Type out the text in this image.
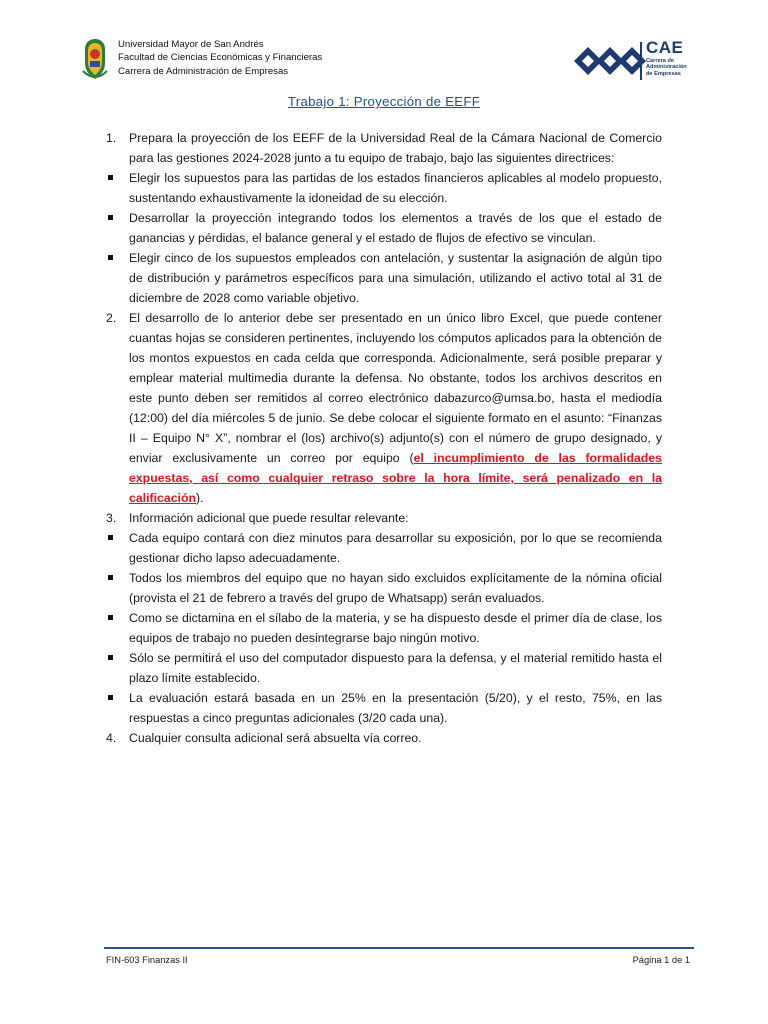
Universidad Mayor de San Andrés
Facultad de Ciencias Económicas y Financieras
Carrera de Administración de Empresas
CAE
Carrera de
Administración
de Empresas
Trabajo 1: Proyección de EEFF
1. Prepara la proyección de los EEFF de la Universidad Real de la Cámara Nacional de Comercio para las gestiones 2024-2028 junto a tu equipo de trabajo, bajo las siguientes directrices:
Elegir los supuestos para las partidas de los estados financieros aplicables al modelo propuesto, sustentando exhaustivamente la idoneidad de su elección.
Desarrollar la proyección integrando todos los elementos a través de los que el estado de ganancias y pérdidas, el balance general y el estado de flujos de efectivo se vinculan.
Elegir cinco de los supuestos empleados con antelación, y sustentar la asignación de algún tipo de distribución y parámetros específicos para una simulación, utilizando el activo total al 31 de diciembre de 2028 como variable objetivo.
2. El desarrollo de lo anterior debe ser presentado en un único libro Excel, que puede contener cuantas hojas se consideren pertinentes, incluyendo los cómputos aplicados para la obtención de los montos expuestos en cada celda que corresponda. Adicionalmente, será posible preparar y emplear material multimedia durante la defensa. No obstante, todos los archivos descritos en este punto deben ser remitidos al correo electrónico dabazurco@umsa.bo, hasta el mediodía (12:00) del día miércoles 5 de junio. Se debe colocar el siguiente formato en el asunto: “Finanzas II – Equipo N° X”, nombrar el (los) archivo(s) adjunto(s) con el número de grupo designado, y enviar exclusivamente un correo por equipo (el incumplimiento de las formalidades expuestas, así como cualquier retraso sobre la hora límite, será penalizado en la calificación).
3. Información adicional que puede resultar relevante:
Cada equipo contará con diez minutos para desarrollar su exposición, por lo que se recomienda gestionar dicho lapso adecuadamente.
Todos los miembros del equipo que no hayan sido excluidos explícitamente de la nómina oficial (provista el 21 de febrero a través del grupo de Whatsapp) serán evaluados.
Como se dictamina en el sílabo de la materia, y se ha dispuesto desde el primer día de clase, los equipos de trabajo no pueden desintegrarse bajo ningún motivo.
Sólo se permitirá el uso del computador dispuesto para la defensa, y el material remitido hasta el plazo límite establecido.
La evaluación estará basada en un 25% en la presentación (5/20), y el resto, 75%, en las respuestas a cinco preguntas adicionales (3/20 cada una).
4. Cualquier consulta adicional será absuelta vía correo.
FIN-603 Finanzas II	Página 1 de 1
